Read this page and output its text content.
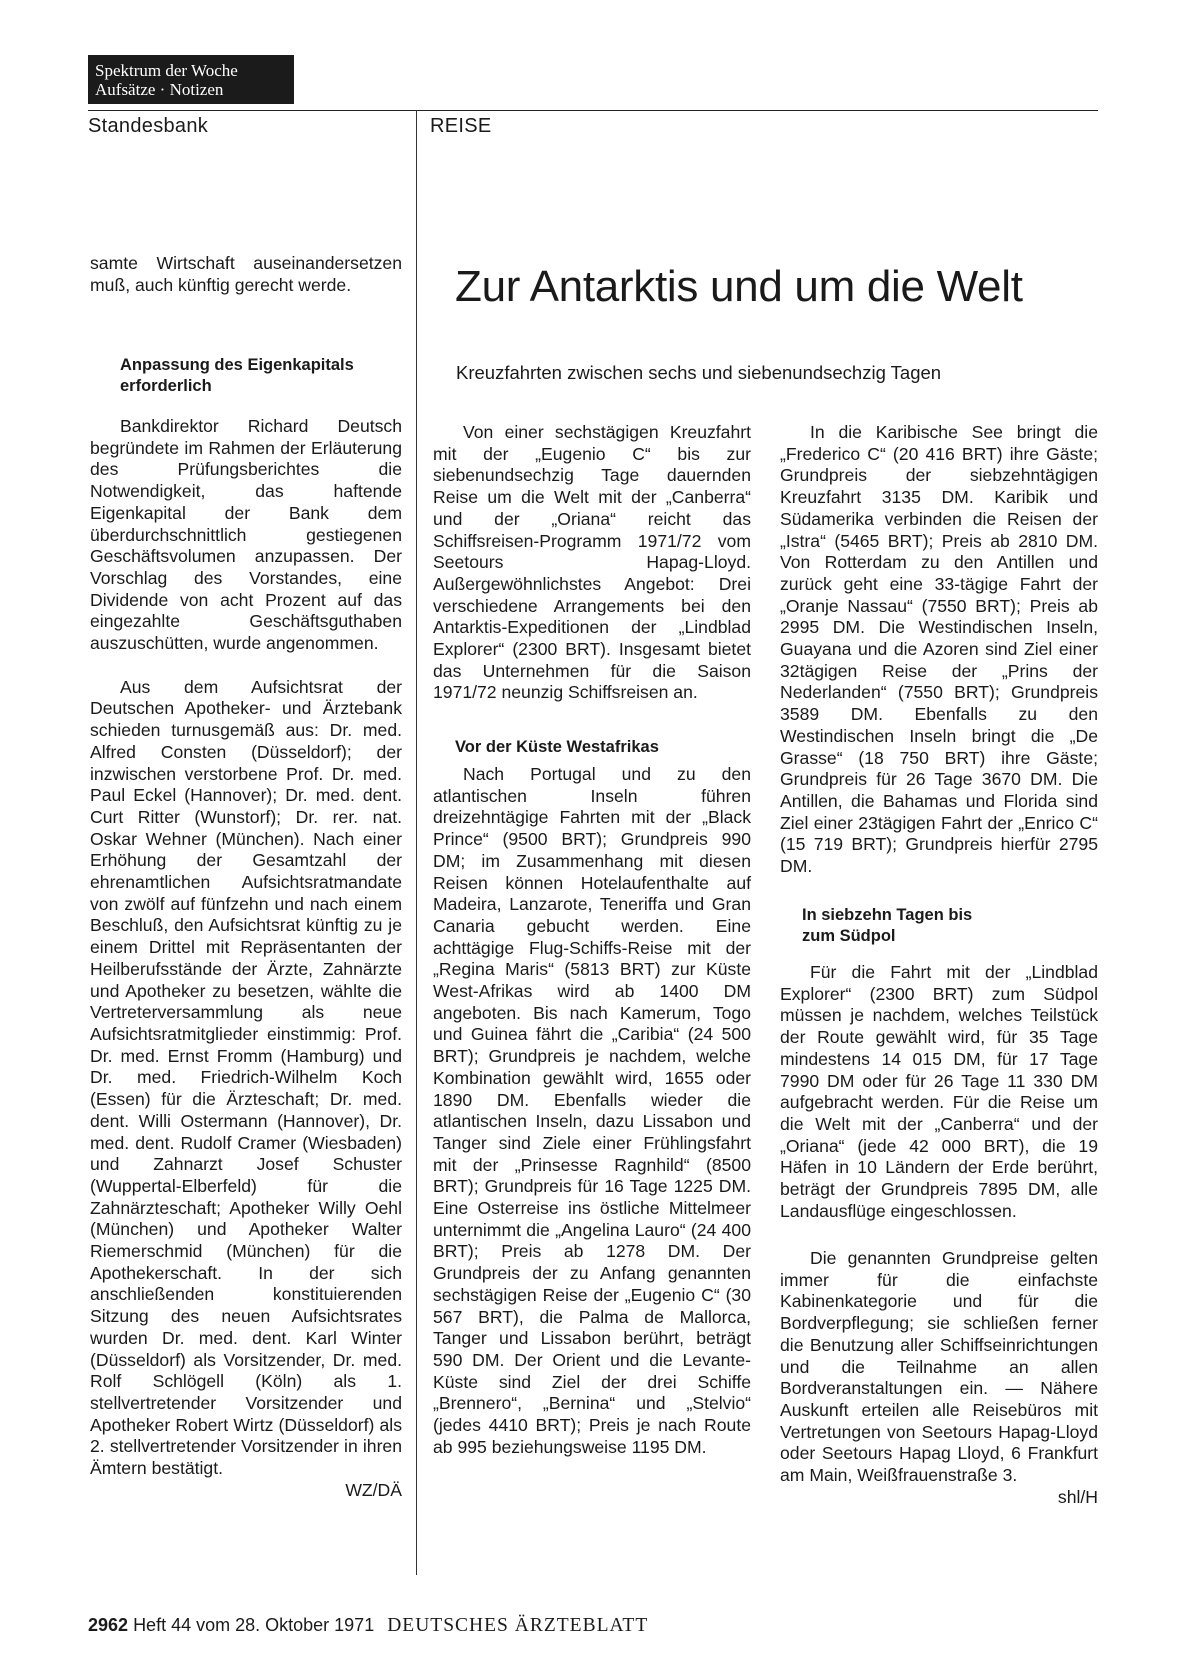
Spektrum der Woche
Aufsätze · Notizen
Standesbank	REISE
Zur Antarktis und um die Welt
Kreuzfahrten zwischen sechs und siebenundsechzig Tagen

samte Wirtschaft auseinandersetzen muß, auch künftig gerecht werde.

Anpassung des Eigenkapitals erforderlich

Bankdirektor Richard Deutsch begründete im Rahmen der Erläuterung des Prüfungsberichtes die Notwendigkeit, das haftende Eigenkapital der Bank dem überdurchschnittlich gestiegenen Geschäftsvolumen anzupassen. Der Vorschlag des Vorstandes, eine Dividende von acht Prozent auf das eingezahlte Geschäftsguthaben auszuschütten, wurde angenommen.

Aus dem Aufsichtsrat der Deutschen Apotheker- und Ärztebank schieden turnusgemäß aus: Dr. med. Alfred Consten (Düsseldorf); der inzwischen verstorbene Prof. Dr. med. Paul Eckel (Hannover); Dr. med. dent. Curt Ritter (Wunstorf); Dr. rer. nat. Oskar Wehner (München). Nach einer Erhöhung der Gesamtzahl der ehrenamtlichen Aufsichtsratmandate von zwölf auf fünfzehn und nach einem Beschluß, den Aufsichtsrat künftig zu je einem Drittel mit Repräsentanten der Heilberufsstände der Ärzte, Zahnärzte und Apotheker zu besetzen, wählte die Vertreterversammlung als neue Aufsichtsratmitglieder einstimmig: Prof. Dr. med. Ernst Fromm (Hamburg) und Dr. med. Friedrich-Wilhelm Koch (Essen) für die Ärzteschaft; Dr. med. dent. Willi Ostermann (Hannover), Dr. med. dent. Rudolf Cramer (Wiesbaden) und Zahnarzt Josef Schuster (Wuppertal-Elberfeld) für die Zahnärzteschaft; Apotheker Willy Oehl (München) und Apotheker Walter Riemerschmid (München) für die Apothekerschaft. In der sich anschließenden konstituierenden Sitzung des neuen Aufsichtsrates wurden Dr. med. dent. Karl Winter (Düsseldorf) als Vorsitzender, Dr. med. Rolf Schlögell (Köln) als 1. stellvertretender Vorsitzender und Apotheker Robert Wirtz (Düsseldorf) als 2. stellvertretender Vorsitzender in ihren Ämtern bestätigt.

WZ/DÄ

Von einer sechstägigen Kreuzfahrt mit der „Eugenio C“ bis zur siebenundsechzig Tage dauernden Reise um die Welt mit der „Canberra“ und der „Oriana“ reicht das Schiffsreisen-Programm 1971/72 vom Seetours Hapag-Lloyd. Außergewöhnlichstes Angebot: Drei verschiedene Arrangements bei den Antarktis-Expeditionen der „Lindblad Explorer“ (2300 BRT). Insgesamt bietet das Unternehmen für die Saison 1971/72 neunzig Schiffsreisen an.

Vor der Küste Westafrikas

Nach Portugal und zu den atlantischen Inseln führen dreizehntägige Fahrten mit der „Black Prince“ (9500 BRT); Grundpreis 990 DM; im Zusammenhang mit diesen Reisen können Hotelaufenthalte auf Madeira, Lanzarote, Teneriffa und Gran Canaria gebucht werden. Eine achttägige Flug-Schiffs-Reise mit der „Regina Maris“ (5813 BRT) zur Küste West-Afrikas wird ab 1400 DM angeboten. Bis nach Kamerum, Togo und Guinea fährt die „Caribia“ (24 500 BRT); Grundpreis je nachdem, welche Kombination gewählt wird, 1655 oder 1890 DM. Ebenfalls wieder die atlantischen Inseln, dazu Lissabon und Tanger sind Ziele einer Frühlingsfahrt mit der „Prinsesse Ragnhild“ (8500 BRT); Grundpreis für 16 Tage 1225 DM. Eine Osterreise ins östliche Mittelmeer unternimmt die „Angelina Lauro“ (24 400 BRT); Preis ab 1278 DM. Der Grundpreis der zu Anfang genannten sechstägigen Reise der „Eugenio C“ (30 567 BRT), die Palma de Mallorca, Tanger und Lissabon berührt, beträgt 590 DM. Der Orient und die Levante-Küste sind Ziel der drei Schiffe „Brennero“, „Bernina“ und „Stelvio“ (jedes 4410 BRT); Preis je nach Route ab 995 beziehungsweise 1195 DM.

In die Karibische See bringt die „Frederico C“ (20 416 BRT) ihre Gäste; Grundpreis der siebzehntägigen Kreuzfahrt 3135 DM. Karibik und Südamerika verbinden die Reisen der „Istra“ (5465 BRT); Preis ab 2810 DM. Von Rotterdam zu den Antillen und zurück geht eine 33-tägige Fahrt der „Oranje Nassau“ (7550 BRT); Preis ab 2995 DM. Die Westindischen Inseln, Guayana und die Azoren sind Ziel einer 32tägigen Reise der „Prins der Nederlanden“ (7550 BRT); Grundpreis 3589 DM. Ebenfalls zu den Westindischen Inseln bringt die „De Grasse“ (18 750 BRT) ihre Gäste; Grundpreis für 26 Tage 3670 DM. Die Antillen, die Bahamas und Florida sind Ziel einer 23tägigen Fahrt der „Enrico C“ (15 719 BRT); Grundpreis hierfür 2795 DM.

In siebzehn Tagen bis zum Südpol

Für die Fahrt mit der „Lindblad Explorer“ (2300 BRT) zum Südpol müssen je nachdem, welches Teilstück der Route gewählt wird, für 35 Tage mindestens 14 015 DM, für 17 Tage 7990 DM oder für 26 Tage 11 330 DM aufgebracht werden. Für die Reise um die Welt mit der „Canberra“ und der „Oriana“ (jede 42 000 BRT), die 19 Häfen in 10 Ländern der Erde berührt, beträgt der Grundpreis 7895 DM, alle Landausflüge eingeschlossen.

Die genannten Grundpreise gelten immer für die einfachste Kabinenkategorie und für die Bordverpflegung; sie schließen ferner die Benutzung aller Schiffseinrichtungen und die Teilnahme an allen Bordveranstaltungen ein. — Nähere Auskunft erteilen alle Reisebüros mit Vertretungen von Seetours Hapag-Lloyd oder Seetours Hapag Lloyd, 6 Frankfurt am Main, Weißfrauenstraße 3.

shl/H
2962 Heft 44 vom 28. Oktober 1971 DEUTSCHES ÄRZTEBLATT
